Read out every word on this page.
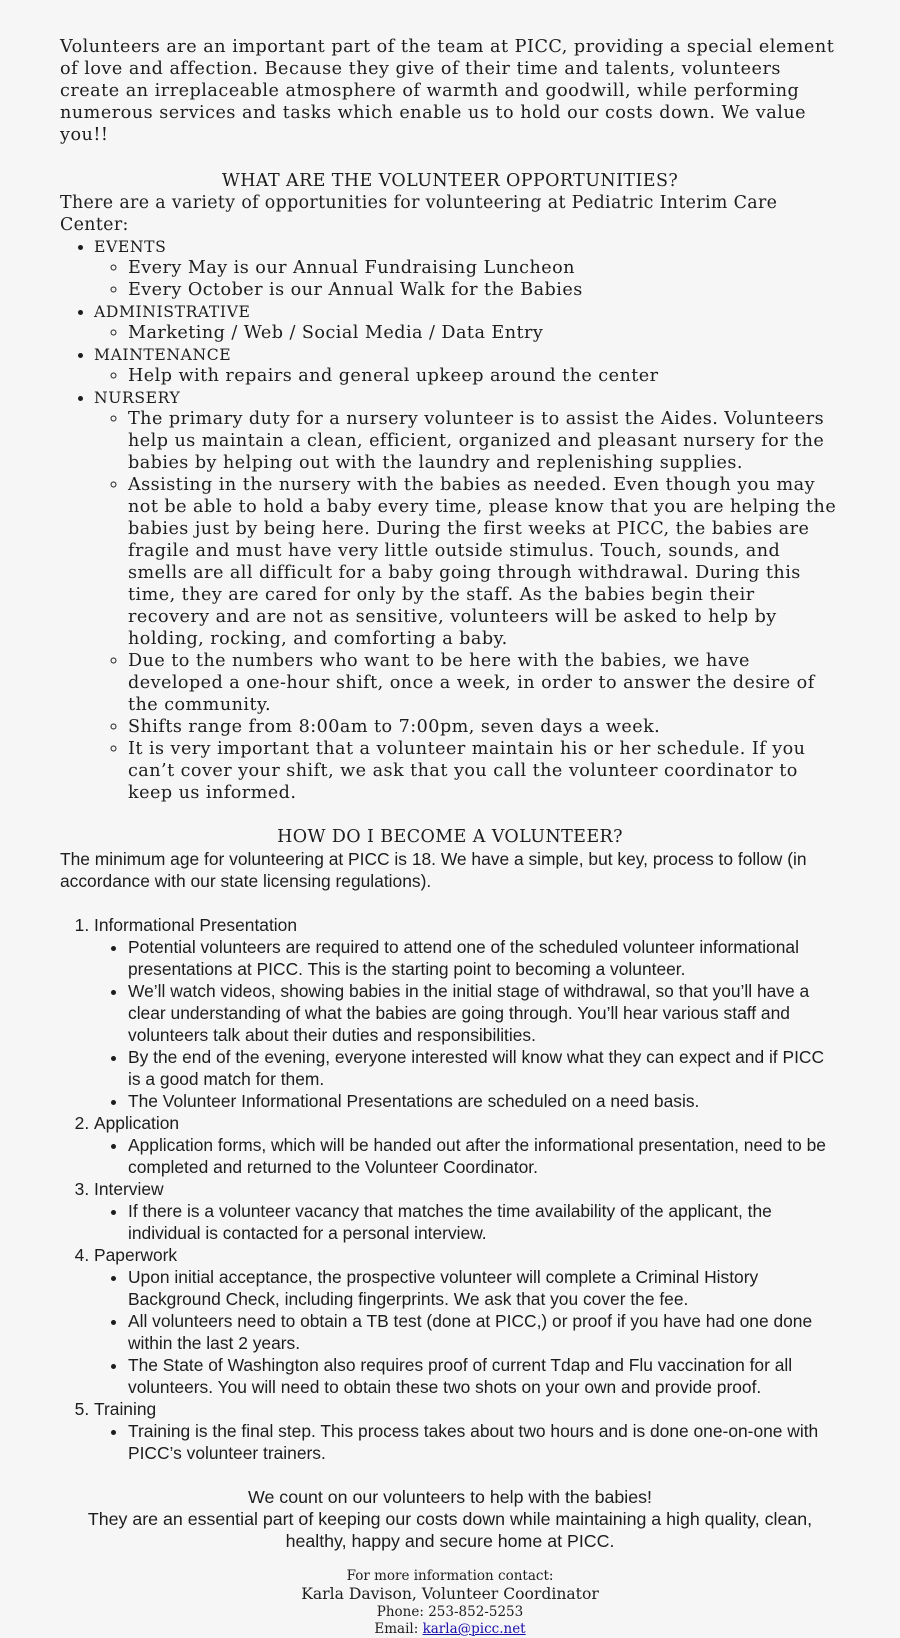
Volunteers are an important part of the team at PICC, providing a special element of love and affection. Because they give of their time and talents, volunteers create an irreplaceable atmosphere of warmth and goodwill, while performing numerous services and tasks which enable us to hold our costs down. We value you!!

WHAT ARE THE VOLUNTEER OPPORTUNITIES?

There are a variety of opportunities for volunteering at Pediatric Interim Care Center:

• EVENTS
◦ Every May is our Annual Fundraising Luncheon
◦ Every October is our Annual Walk for the Babies
• ADMINISTRATIVE
◦ Marketing / Web / Social Media / Data Entry
• MAINTENANCE
◦ Help with repairs and general upkeep around the center
• NURSERY
◦ The primary duty for a nursery volunteer is to assist the Aides. Volunteers help us maintain a clean, efficient, organized and pleasant nursery for the babies by helping out with the laundry and replenishing supplies.
◦ Assisting in the nursery with the babies as needed. Even though you may not be able to hold a baby every time, please know that you are helping the babies just by being here. During the first weeks at PICC, the babies are fragile and must have very little outside stimulus. Touch, sounds, and smells are all difficult for a baby going through withdrawal. During this time, they are cared for only by the staff. As the babies begin their recovery and are not as sensitive, volunteers will be asked to help by holding, rocking, and comforting a baby.
◦ Due to the numbers who want to be here with the babies, we have developed a one-hour shift, once a week, in order to answer the desire of the community.
◦ Shifts range from 8:00am to 7:00pm, seven days a week.
◦ It is very important that a volunteer maintain his or her schedule. If you can’t cover your shift, we ask that you call the volunteer coordinator to keep us informed.
HOW DO I BECOME A VOLUNTEER?

The minimum age for volunteering at PICC is 18. We have a simple, but key, process to follow (in accordance with our state licensing regulations).

1. Informational Presentation
• Potential volunteers are required to attend one of the scheduled volunteer informational presentations at PICC. This is the starting point to becoming a volunteer.
• We’ll watch videos, showing babies in the initial stage of withdrawal, so that you’ll have a clear understanding of what the babies are going through. You’ll hear various staff and volunteers talk about their duties and responsibilities.
• By the end of the evening, everyone interested will know what they can expect and if PICC is a good match for them.
• The Volunteer Informational Presentations are scheduled on a need basis.
2. Application
• Application forms, which will be handed out after the informational presentation, need to be completed and returned to the Volunteer Coordinator.
3. Interview
• If there is a volunteer vacancy that matches the time availability of the applicant, the individual is contacted for a personal interview.
4. Paperwork
• Upon initial acceptance, the prospective volunteer will complete a Criminal History Background Check, including fingerprints. We ask that you cover the fee.
• All volunteers need to obtain a TB test (done at PICC,) or proof if you have had one done within the last 2 years.
• The State of Washington also requires proof of current Tdap and Flu vaccination for all volunteers. You will need to obtain these two shots on your own and provide proof.
5. Training
• Training is the final step. This process takes about two hours and is done one-on-one with PICC’s volunteer trainers.
We count on our volunteers to help with the babies!
They are an essential part of keeping our costs down while maintaining a high quality, clean, healthy, happy and secure home at PICC.
For more information contact:
Karla Davison, Volunteer Coordinator
Phone: 253-852-5253
Email: karla@picc.net
